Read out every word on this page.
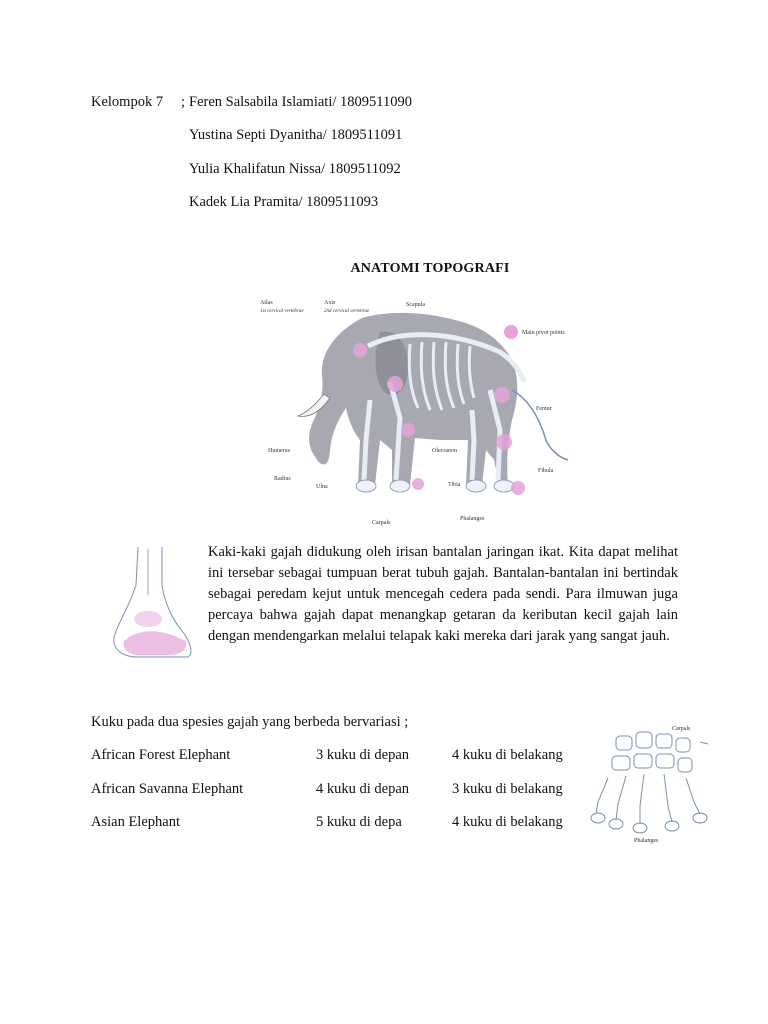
Kelompok 7 ; Feren Salsabila Islamiati/ 1809511090
Yustina Septi Dyanitha/ 1809511091
Yulia Khalifatun Nissa/ 1809511092
Kadek Lia Pramita/ 1809511093
ANATOMI TOPOGRAFI
Atlas
1st cervical vertebrae
Axis
2nd cervical vertebrae
Scapula
Main pivot points
Femur
Humerus	Olecranon
Radius
Ulna	Tibia
Fibula
Carpals
Phalanges
Kaki-kaki gajah didukung oleh irisan bantalan jaringan ikat. Kita dapat melihat ini tersebar sebagai tumpuan berat tubuh gajah. Bantalan-bantalan ini bertindak sebagai peredam kejut untuk mencegah cedera pada sendi. Para ilmuwan juga percaya bahwa gajah dapat menangkap getaran da keributan kecil gajah lain dengan mendengarkan melalui telapak kaki mereka dari jarak yang sangat jauh.
Kuku pada dua spesies gajah yang berbeda bervariasi ;
African Forest Elephant	3 kuku di depan	4 kuku di belakang
African Savanna Elephant	4 kuku di depan	3 kuku di belakang
Asian Elephant	5 kuku di depa	4 kuku di belakang
Carpals
Phalanges
